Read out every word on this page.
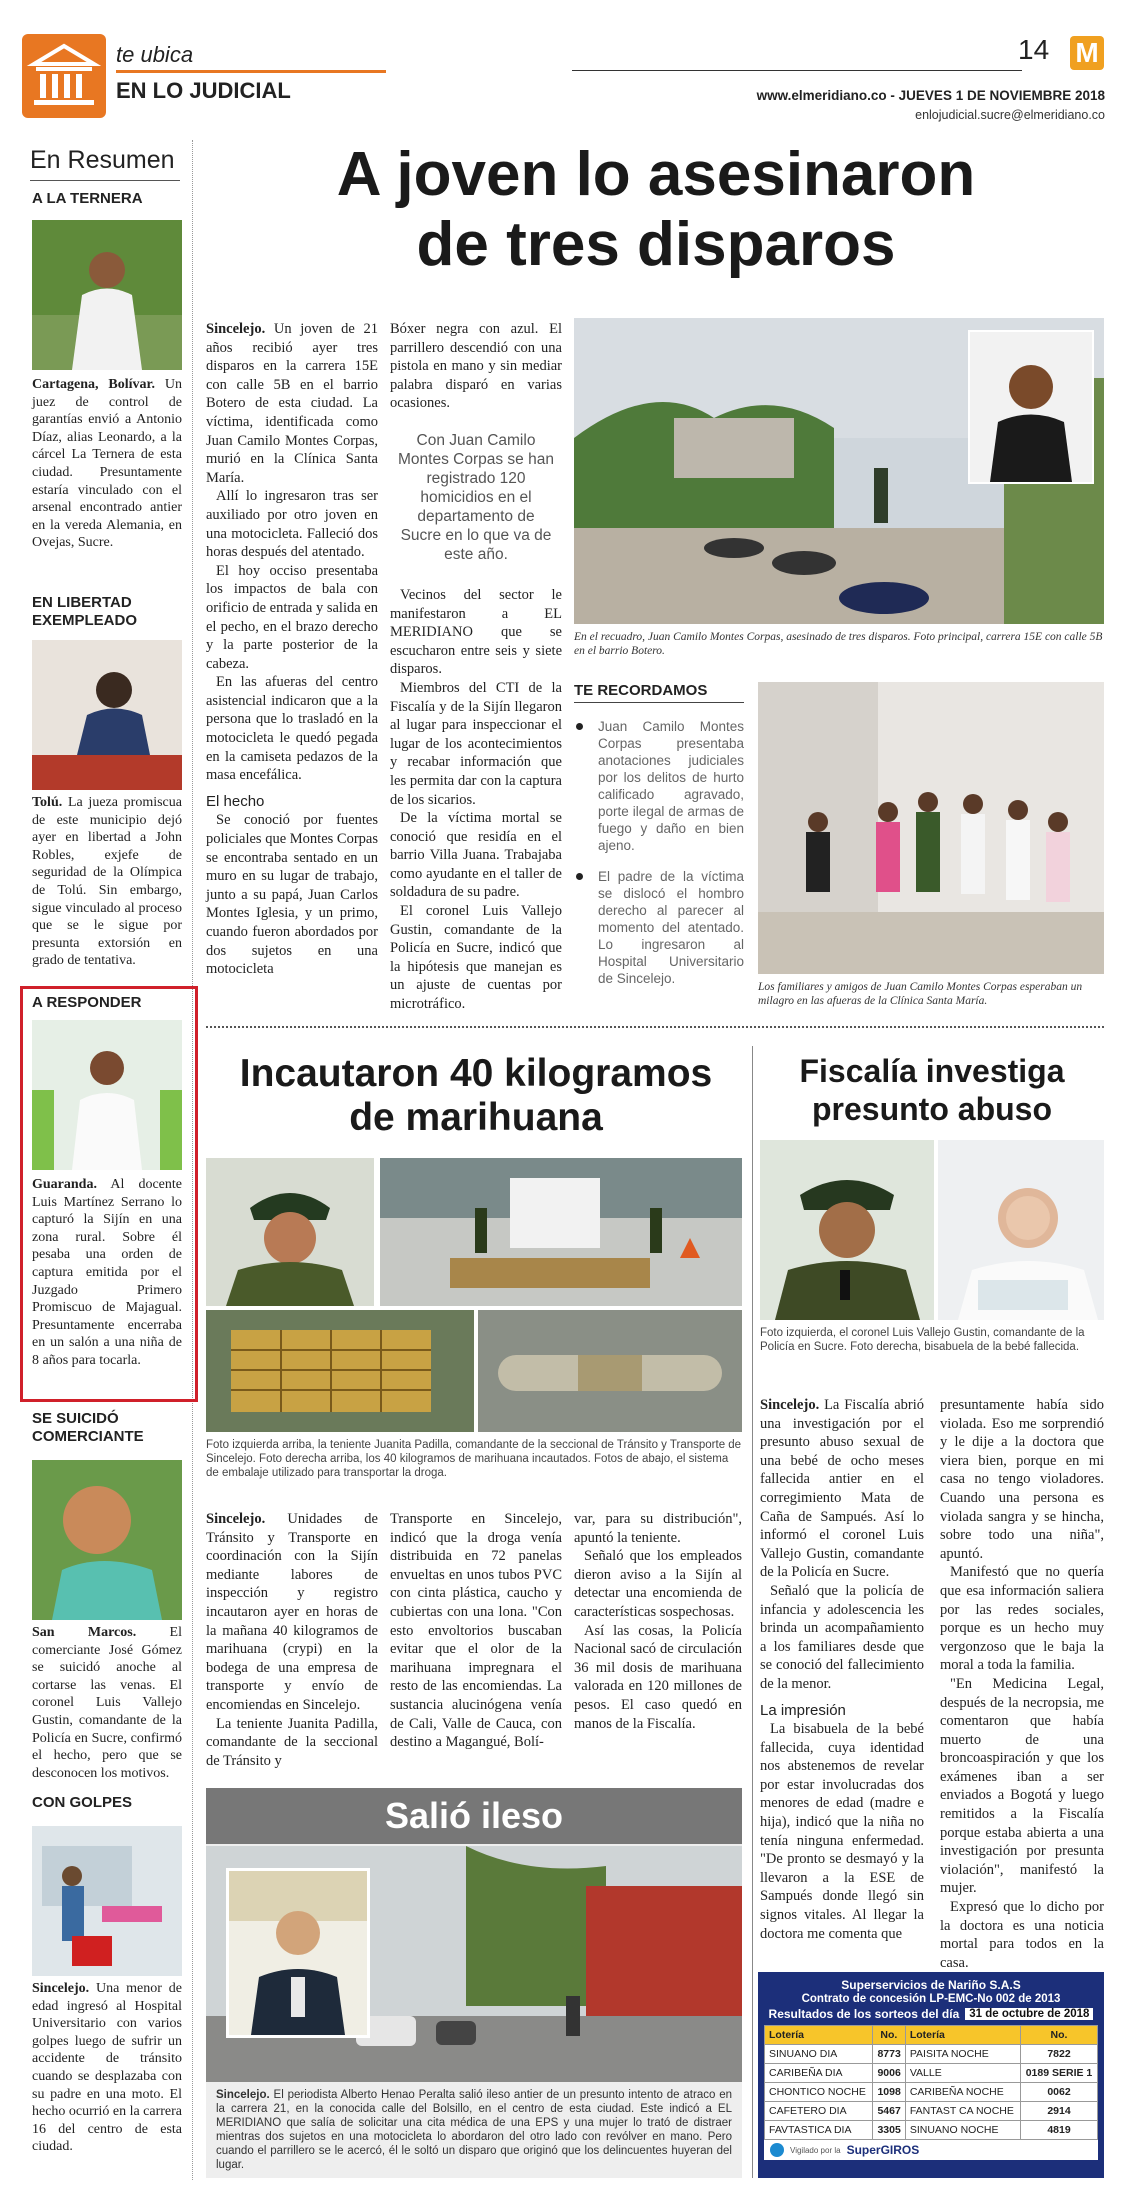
te ubica
EN LO JUDICIAL
14 M
www.elmeridiano.co - JUEVES 1 DE NOVIEMBRE 2018
enlojudicial.sucre@elmeridiano.co
En Resumen
A LA TERNERA
Cartagena, Bolívar. Un juez de control de garantías envió a Antonio Díaz, alias Leonardo, a la cárcel La Ternera de esta ciudad. Presuntamente estaría vinculado con el arsenal encontrado antier en la vereda Alemania, en Ovejas, Sucre.
EN LIBERTAD EXEMPLEADO
Tolú. La jueza promiscua de este municipio dejó ayer en libertad a John Robles, exjefe de seguridad de la Olímpica de Tolú. Sin embargo, sigue vinculado al proceso que se le sigue por presunta extorsión en grado de tentativa.
A RESPONDER
Guaranda. Al docente Luis Martínez Serrano lo capturó la Sijín en una zona rural. Sobre él pesaba una orden de captura emitida por el Juzgado Primero Promiscuo de Majagual. Presuntamente encerraba en un salón a una niña de 8 años para tocarla.
SE SUICIDÓ COMERCIANTE
San Marcos. El comerciante José Gómez se suicidó anoche al cortarse las venas. El coronel Luis Vallejo Gustin, comandante de la Policía en Sucre, confirmó el hecho, pero que se desconocen los motivos.
CON GOLPES
Sincelejo. Una menor de edad ingresó al Hospital Universitario con varios golpes luego de sufrir un accidente de tránsito cuando se desplazaba con su padre en una moto. El hecho ocurrió en la carrera 16 del centro de esta ciudad.
A joven lo asesinaron
de tres disparos

Sincelejo. Un joven de 21 años recibió ayer tres disparos en la carrera 15E con calle 5B en el barrio Botero de esta ciudad. La víctima, identificada como Juan Camilo Montes Corpas, murió en la Clínica Santa María.

Allí lo ingresaron tras ser auxiliado por otro joven en una motocicleta. Falleció dos horas después del atentado.

El hoy occiso presentaba los impactos de bala con orificio de entrada y salida en el pecho, en el brazo derecho y la parte posterior de la cabeza.

En las afueras del centro asistencial indicaron que a la persona que lo trasladó en la motocicleta le quedó pegada en la camiseta pedazos de la masa encefálica.

El hecho

Se conoció por fuentes policiales que Montes Corpas se encontraba sentado en un muro en su lugar de trabajo, junto a su papá, Juan Carlos Montes Iglesia, y un primo, cuando fueron abordados por dos sujetos en una motocicleta

Bóxer negra con azul. El parrillero descendió con una pistola en mano y sin mediar palabra disparó en varias ocasiones.

Con Juan Camilo Montes Corpas se han registrado 120 homicidios en el departamento de Sucre en lo que va de este año.

Vecinos del sector le manifestaron a EL MERIDIANO que se escucharon entre seis y siete disparos.

Miembros del CTI de la Fiscalía y de la Sijín llegaron al lugar para inspeccionar el lugar de los acontecimientos y recabar información que les permita dar con la captura de los sicarios.

De la víctima mortal se conoció que residía en el barrio Villa Juana. Trabajaba como ayudante en el taller de soldadura de su padre.

El coronel Luis Vallejo Gustin, comandante de la Policía en Sucre, indicó que la hipótesis que manejan es un ajuste de cuentas por microtráfico.

En el recuadro, Juan Camilo Montes Corpas, asesinado de tres disparos. Foto principal, carrera 15E con calle 5B en el barrio Botero.
TE RECORDAMOS
Juan Camilo Montes Corpas presentaba anotaciones judiciales por los delitos de hurto calificado agravado, porte ilegal de armas de fuego y daño en bien ajeno.
El padre de la víctima se dislocó el hombro derecho al parecer al momento del atentado. Lo ingresaron al Hospital Universitario de Sincelejo.
Los familiares y amigos de Juan Camilo Montes Corpas esperaban un milagro en las afueras de la Clínica Santa María.
Incautaron 40 kilogramos
de marihuana
Foto izquierda arriba, la teniente Juanita Padilla, comandante de la seccional de Tránsito y Transporte de Sincelejo. Foto derecha arriba, los 40 kilogramos de marihuana incautados. Fotos de abajo, el sistema de embalaje utilizado para transportar la droga.

Sincelejo. Unidades de Tránsito y Transporte en coordinación con la Sijín mediante labores de inspección y registro incautaron ayer en horas de la mañana 40 kilogramos de marihuana (crypi) en la bodega de una empresa de transporte y envío de encomiendas en Sincelejo.

La teniente Juanita Padilla, comandante de la seccional de Tránsito y

Transporte en Sincelejo, indicó que la droga venía distribuida en 72 panelas envueltas en unos tubos PVC con cinta plástica, caucho y cubiertas con una lona. "Con esto envoltorios buscaban evitar que el olor de la marihuana impregnara el resto de las encomiendas. La sustancia alucinógena venía de Cali, Valle de Cauca, con destino a Magangué, Bolí-

var, para su distribución", apuntó la teniente.

Señaló que los empleados dieron aviso a la Sijín al detectar una encomienda de características sospechosas.

Así las cosas, la Policía Nacional sacó de circulación 36 mil dosis de marihuana valorada en 120 millones de pesos. El caso quedó en manos de la Fiscalía.

Salió ileso
Sincelejo. El periodista Alberto Henao Peralta salió ileso antier de un presunto intento de atraco en la carrera 21, en la conocida calle del Bolsillo, en el centro de esta ciudad. Este indicó a EL MERIDIANO que salía de solicitar una cita médica de una EPS y una mujer lo trató de distraer mientras dos sujetos en una motocicleta lo abordaron del otro lado con revólver en mano. Pero cuando el parrillero se le acercó, él le soltó un disparo que originó que los delincuentes huyeran del lugar.
Fiscalía investiga
presunto abuso
Foto izquierda, el coronel Luis Vallejo Gustin, comandante de la Policía en Sucre. Foto derecha, bisabuela de la bebé fallecida.

Sincelejo. La Fiscalía abrió una investigación por el presunto abuso sexual de una bebé de ocho meses fallecida antier en el corregimiento Mata de Caña de Sampués. Así lo informó el coronel Luis Vallejo Gustin, comandante de la Policía en Sucre.

Señaló que la policía de infancia y adolescencia les brinda un acompañamiento a los familiares desde que se conoció del fallecimiento de la menor.

La impresión

La bisabuela de la bebé fallecida, cuya identidad nos abstenemos de revelar por estar involucradas dos menores de edad (madre e hija), indicó que la niña no tenía ninguna enfermedad. "De pronto se desmayó y la llevaron a la ESE de Sampués donde llegó sin signos vitales. Al llegar la doctora me comenta que

presuntamente había sido violada. Eso me sorprendió y le dije a la doctora que viera bien, porque en mi casa no tengo violadores. Cuando una persona es violada sangra y se hincha, sobre todo una niña", apuntó.

Manifestó que no quería que esa información saliera por las redes sociales, porque es un hecho muy vergonzoso que le baja la moral a toda la familia.

"En Medicina Legal, después de la necropsia, me comentaron que había muerto de una broncoaspiración y que los exámenes iban a ser enviados a Bogotá y luego remitidos a la Fiscalía porque estaba abierta a una investigación por presunta violación", manifestó la mujer.

Expresó que lo dicho por la doctora es una noticia mortal para todos en la casa.

Superservicios de Nariño S.A.S
Contrato de concesión LP-EMC-No 002 de 2013
Resultados de los sorteos del día 31 de octubre de 2018
Lotería	No.	Lotería	No.
SINUANO DIA	8773	PAISITA NOCHE	7822
CARIBEÑA DIA	9006	VALLE	0189 SERIE 1
CHONTICO NOCHE	1098	CARIBEÑA NOCHE	0062
CAFETERO DIA	5467	FANTAST CA NOCHE	2914
FAVTASTICA DIA	3305	SINUANO NOCHE	4819
Vigilado por la SuperGIROS
